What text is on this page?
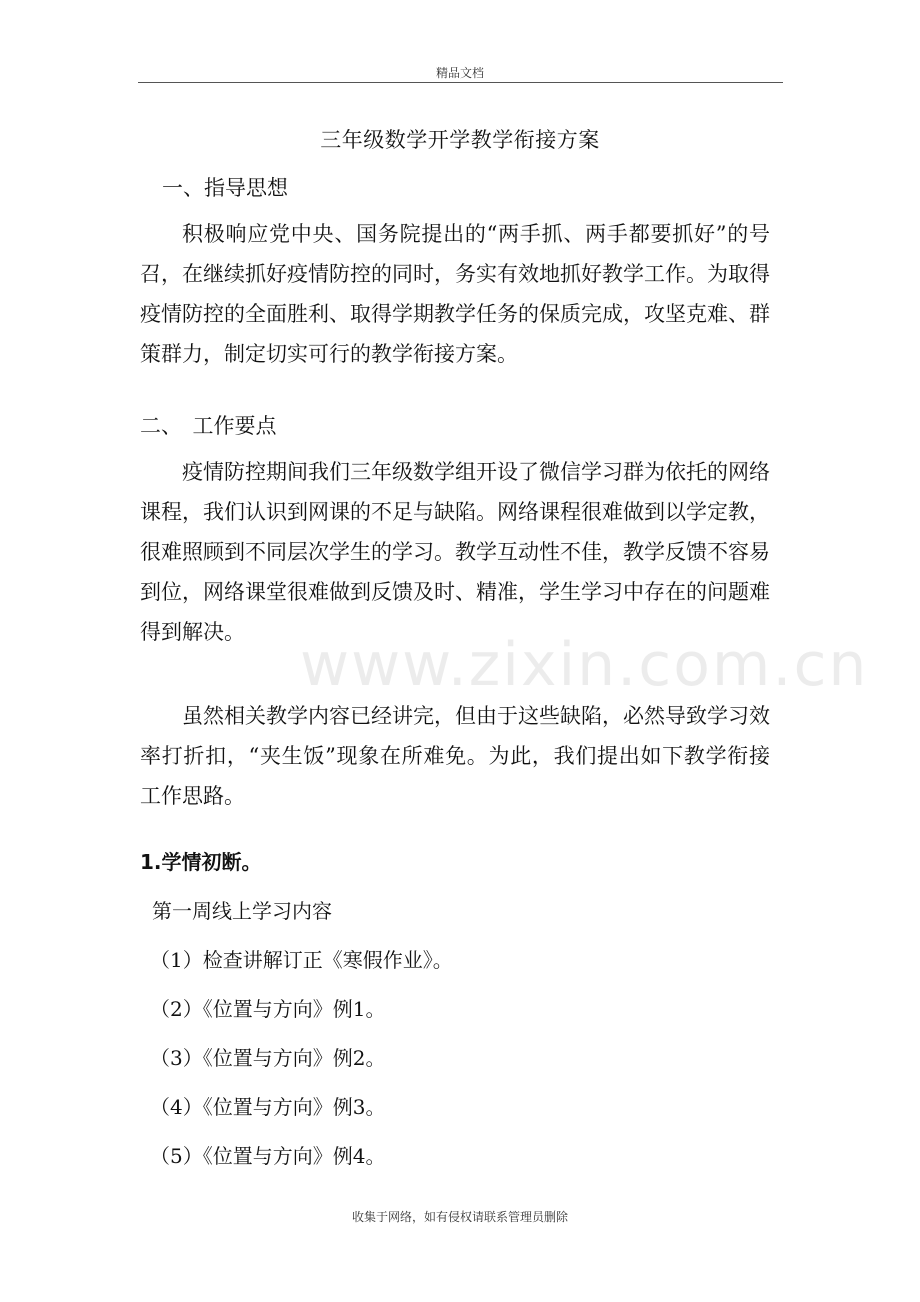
精品文档
三年级数学开学教学衔接方案
一、指导思想

积极响应党中央、国务院提出的“两手抓、两手都要抓好”的号召，在继续抓好疫情防控的同时，务实有效地抓好教学工作。为取得疫情防控的全面胜利、取得学期教学任务的保质完成，攻坚克难、群策群力，制定切实可行的教学衔接方案。

二、　工作要点

疫情防控期间我们三年级数学组开设了微信学习群为依托的网络课程，我们认识到网课的不足与缺陷。网络课程很难做到以学定教，很难照顾到不同层次学生的学习。教学互动性不佳，教学反馈不容易到位，网络课堂很难做到反馈及时、精准，学生学习中存在的问题难得到解决。

虽然相关教学内容已经讲完，但由于这些缺陷，必然导致学习效率打折扣，“夹生饭”现象在所难免。为此，我们提出如下教学衔接工作思路。

1.学情初断。
第一周线上学习内容
（1）检查讲解订正《寒假作业》。
（2）《位置与方向》例1。
（3）《位置与方向》例2。
（4）《位置与方向》例3。
（5）《位置与方向》例4。
www.zixin.com.cn
收集于网络，如有侵权请联系管理员删除
